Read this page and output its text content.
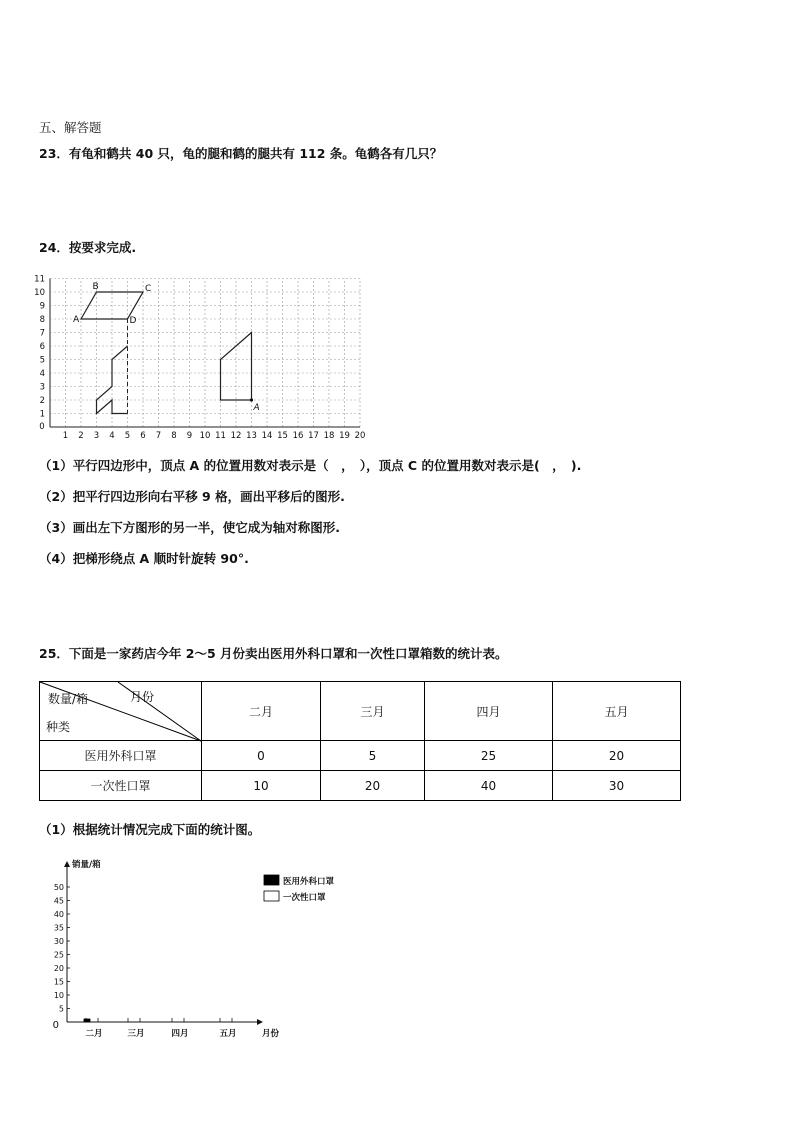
五、解答题
23．有龟和鹤共 40 只，龟的腿和鹤的腿共有 112 条。龟鹤各有几只？
24．按要求完成.
0
1 2 3 4 5 6 7 8 9 10 11 12 13 14 15 16 17 18 19 20
1
2
3
4
5
6
7
8
9
10
11
A
B	C
D
A
（1）平行四边形中，顶点 A 的位置用数对表示是（　，　），顶点 C 的位置用数对表示是(　，　).
（2）把平行四边形向右平移 9 格，画出平移后的图形.
（3）画出左下方图形的另一半，使它成为轴对称图形.
（4）把梯形绕点 A 顺时针旋转 90°.
25．下面是一家药店今年 2～5 月份卖出医用外科口罩和一次性口罩箱数的统计表。
数量/箱 月份
种类	二月	三月	四月	五月
医用外科口罩	0	5	25	20
一次性口罩	10	20	40	30
（1）根据统计情况完成下面的统计图。
0
5
10
15
20
25
30
35
40
45
50
二月	三月	四月	五月
销量/箱
月份
医用外科口罩
一次性口罩
